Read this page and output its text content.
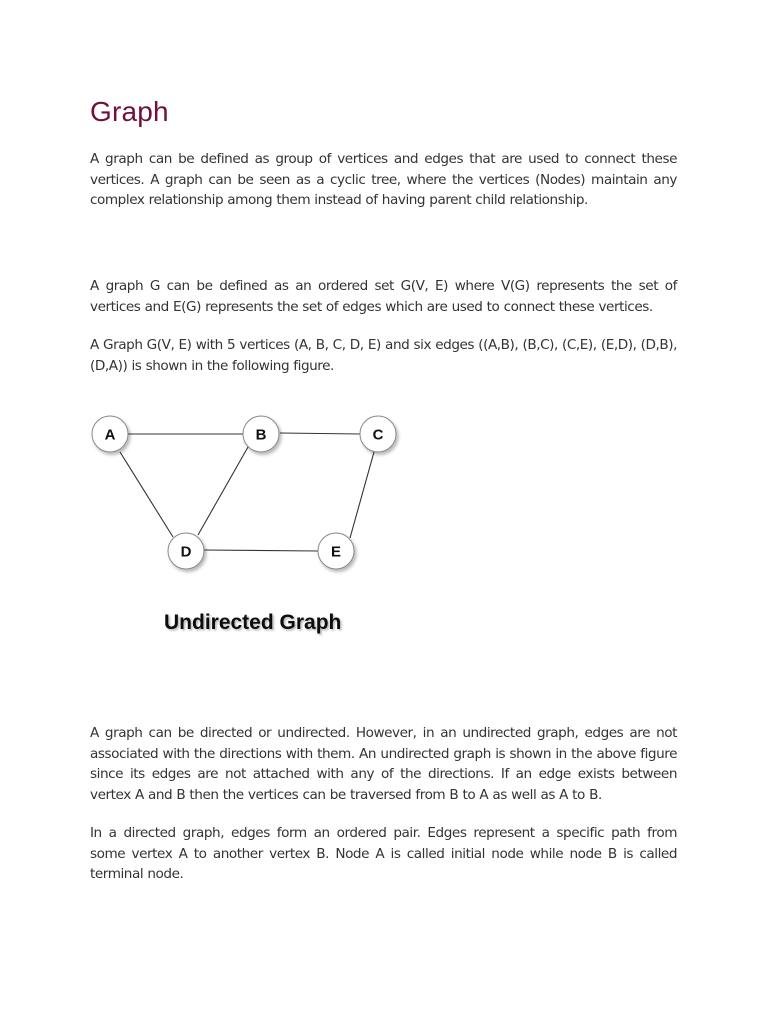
Graph

A graph can be defined as group of vertices and edges that are used to connect these vertices. A graph can be seen as a cyclic tree, where the vertices (Nodes) maintain any complex relationship among them instead of having parent child relationship.

A graph G can be defined as an ordered set G(V, E) where V(G) represents the set of vertices and E(G) represents the set of edges which are used to connect these vertices.

A Graph G(V, E) with 5 vertices (A, B, C, D, E) and six edges ((A,B), (B,C), (C,E), (E,D), (D,B), (D,A)) is shown in the following figure.

A	B	C
D	E
Undirected Graph

A graph can be directed or undirected. However, in an undirected graph, edges are not associated with the directions with them. An undirected graph is shown in the above figure since its edges are not attached with any of the directions. If an edge exists between vertex A and B then the vertices can be traversed from B to A as well as A to B.

In a directed graph, edges form an ordered pair. Edges represent a specific path from some vertex A to another vertex B. Node A is called initial node while node B is called terminal node.
